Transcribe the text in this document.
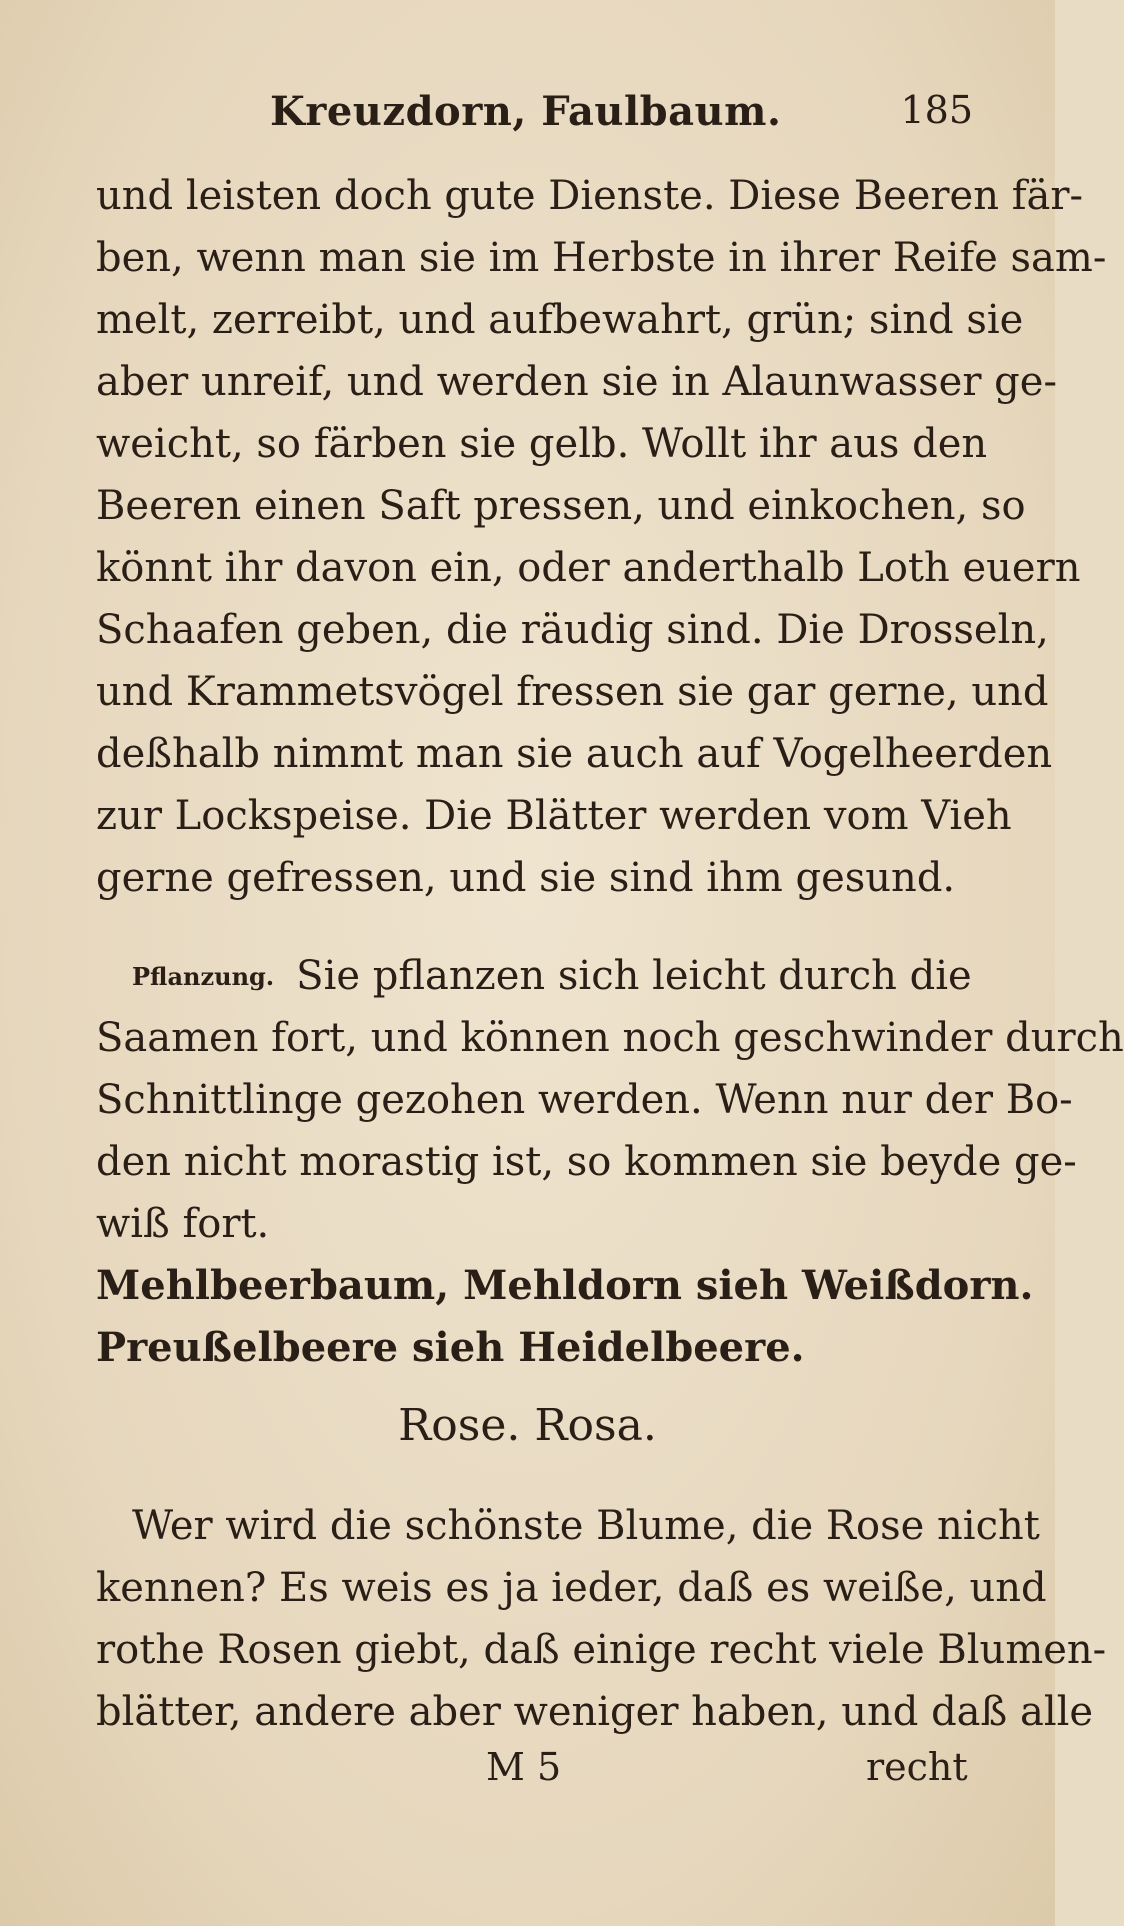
Kreuzdorn, Faulbaum.	185
und leisten doch gute Dienste. Diese Beeren fär-
ben, wenn man sie im Herbste in ihrer Reife sam-
melt, zerreibt, und aufbewahrt, grün; sind sie
aber unreif, und werden sie in Alaunwasser ge-
weicht, so färben sie gelb. Wollt ihr aus den
Beeren einen Saft pressen, und einkochen, so
könnt ihr davon ein, oder anderthalb Loth euern
Schaafen geben, die räudig sind. Die Drosseln,
und Krammetsvögel fressen sie gar gerne, und
deßhalb nimmt man sie auch auf Vogelheerden
zur Lockspeise. Die Blätter werden vom Vieh
gerne gefressen, und sie sind ihm gesund.
Pflanzung. Sie pflanzen sich leicht durch die
Saamen fort, und können noch geschwinder durch
Schnittlinge gezohen werden. Wenn nur der Bo-
den nicht morastig ist, so kommen sie beyde ge-
wiß fort.
Mehlbeerbaum, Mehldorn sieh Weißdorn.
Preußelbeere sieh Heidelbeere.
Rose. Rosa.
Wer wird die schönste Blume, die Rose nicht
kennen? Es weis es ja ieder, daß es weiße, und
rothe Rosen giebt, daß einige recht viele Blumen-
blätter, andere aber weniger haben, und daß alle
M 5	recht
